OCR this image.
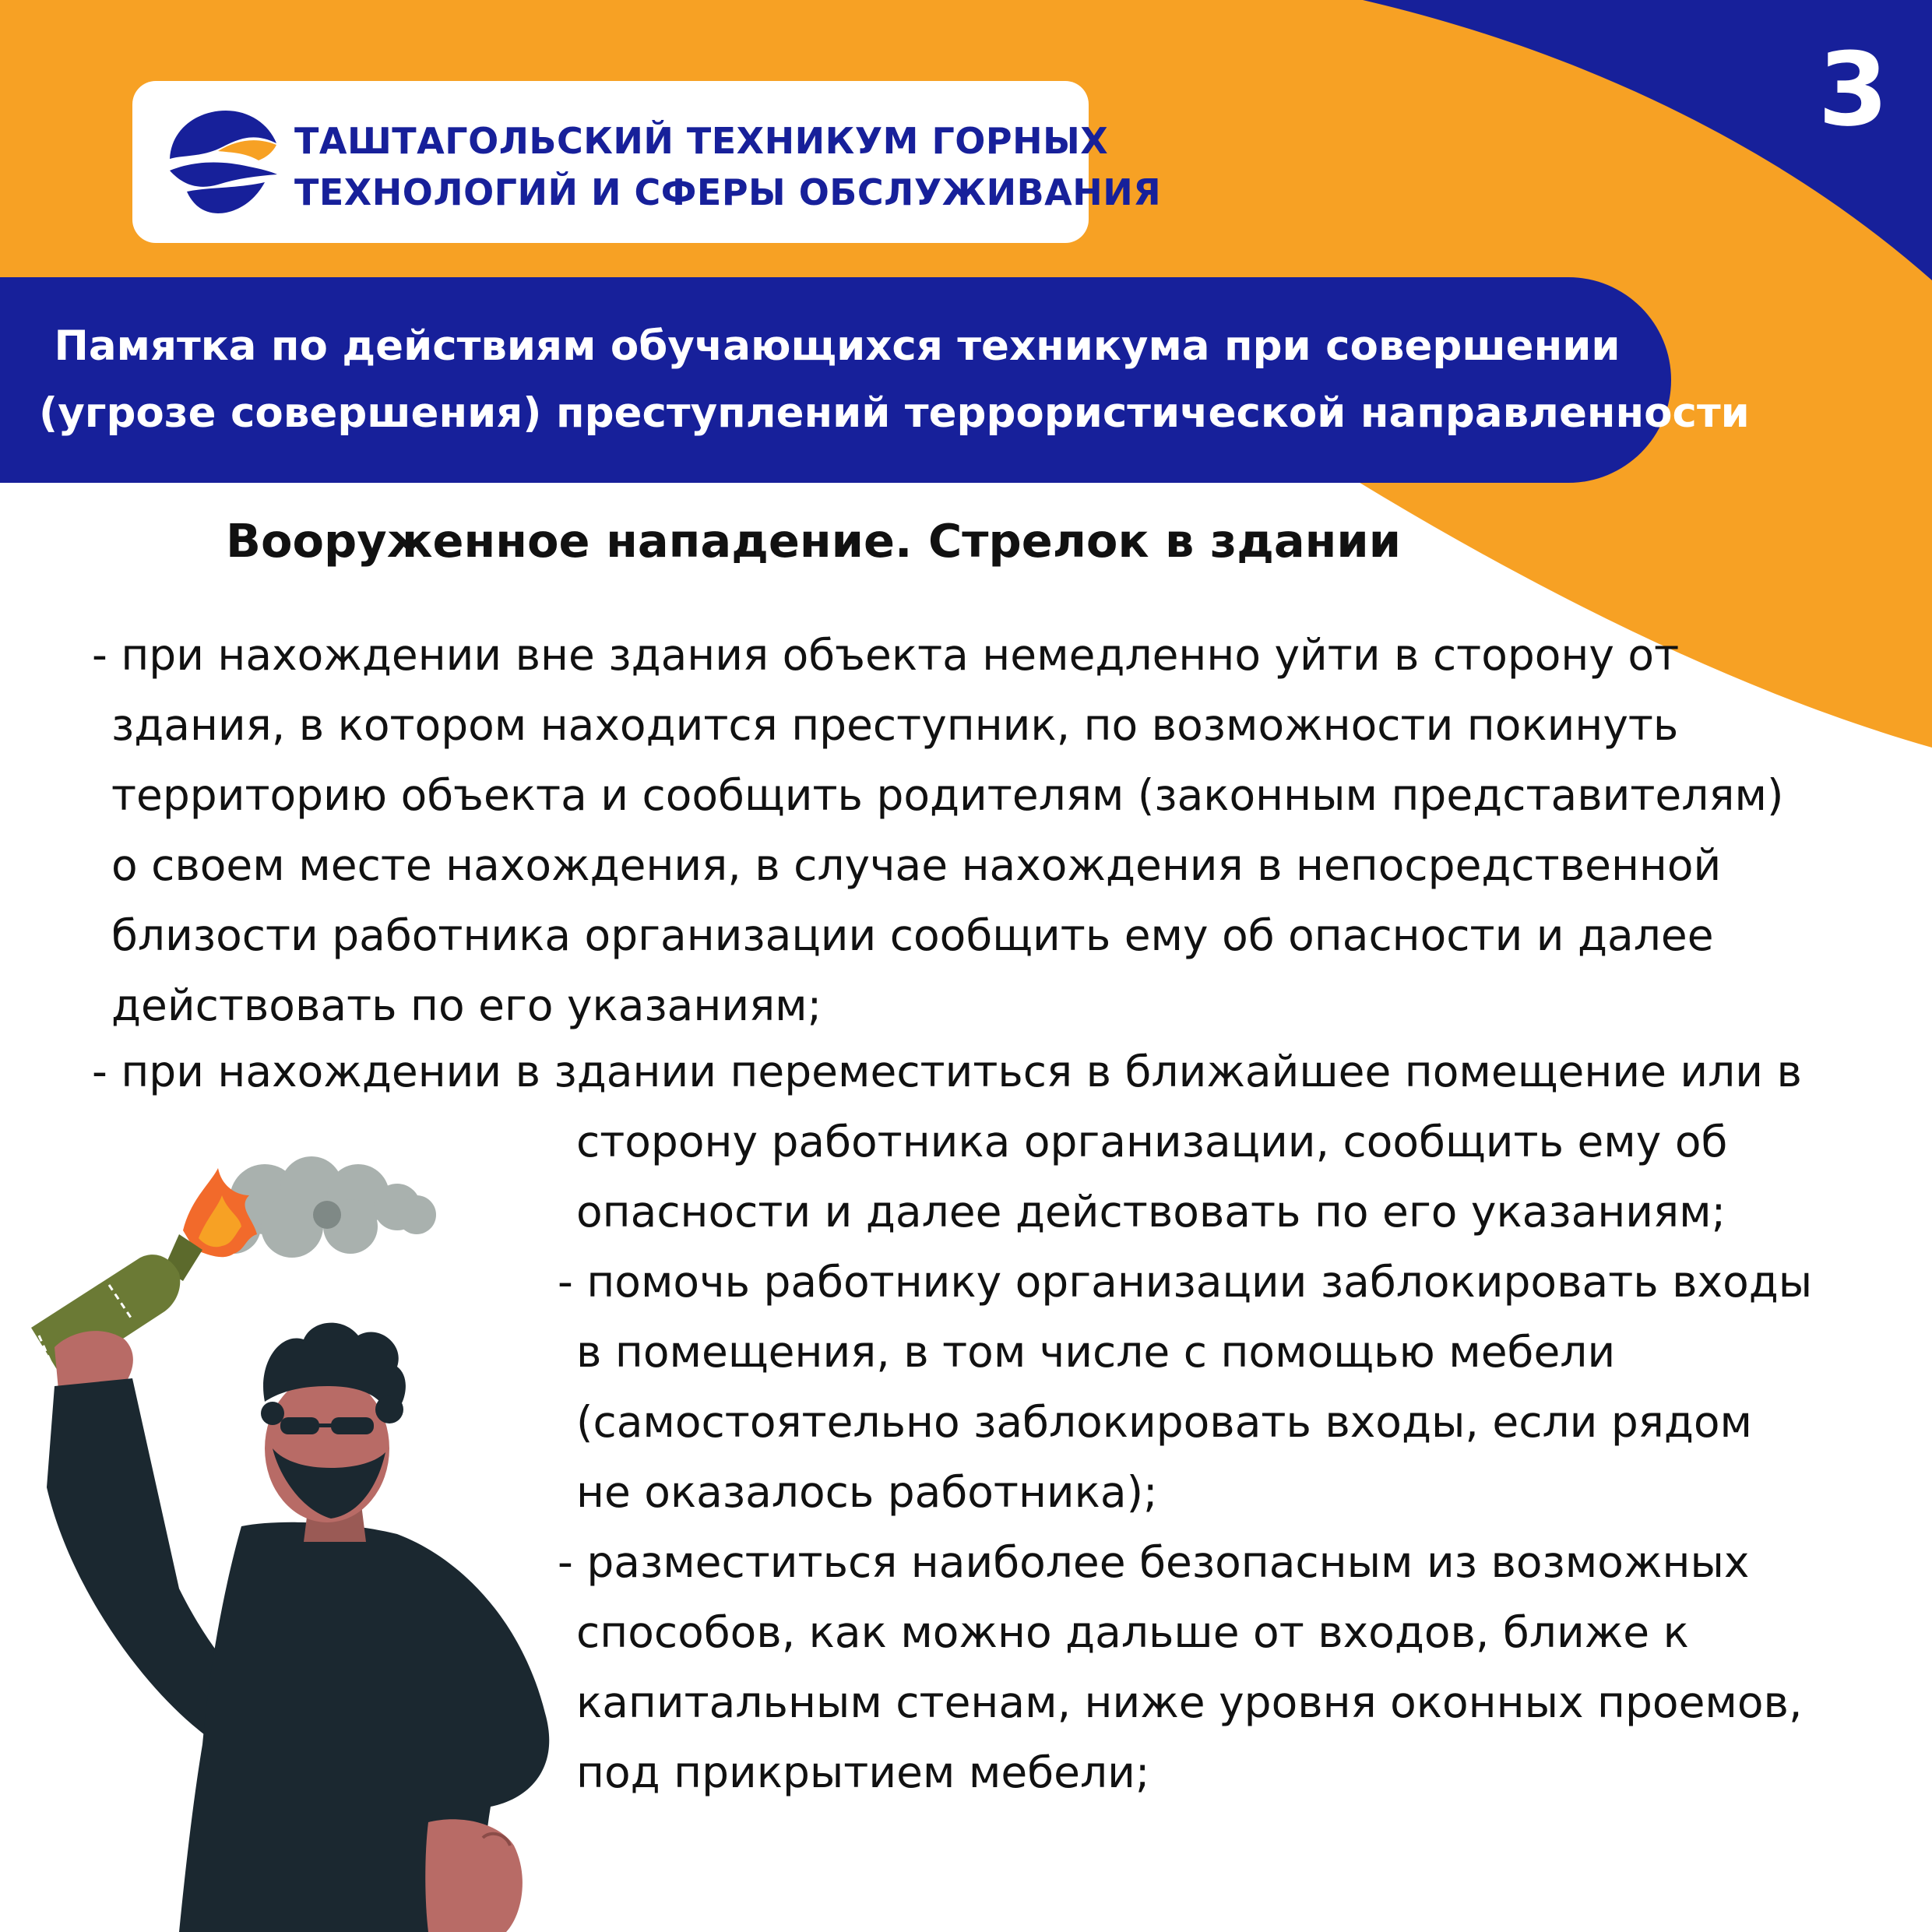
ТАШТАГОЛЬСКИЙ ТЕХНИКУМ ГОРНЫХ
ТЕХНОЛОГИЙ И СФЕРЫ ОБСЛУЖИВАНИЯ
3
Памятка по действиям обучающихся техникума при совершении
(угрозе совершения) преступлений террористической направленности
Вооруженное нападение. Стрелок в здании
- при нахождении вне здания объекта немедленно уйти в сторону от
здания, в котором находится преступник, по возможности покинуть
территорию объекта и сообщить родителям (законным представителям)
о своем месте нахождения, в случае нахождения в непосредственной
близости работника организации сообщить ему об опасности и далее
действовать по его указаниям;
- при нахождении в здании переместиться в ближайшее помещение или в
сторону работника организации, сообщить ему об
опасности и далее действовать по его указаниям;
- помочь работнику организации заблокировать входы
в помещения, в том числе с помощью мебели
(самостоятельно заблокировать входы, если рядом
не оказалось работника);
- разместиться наиболее безопасным из возможных
способов, как можно дальше от входов, ближе к
капитальным стенам, ниже уровня оконных проемов,
под прикрытием мебели;
